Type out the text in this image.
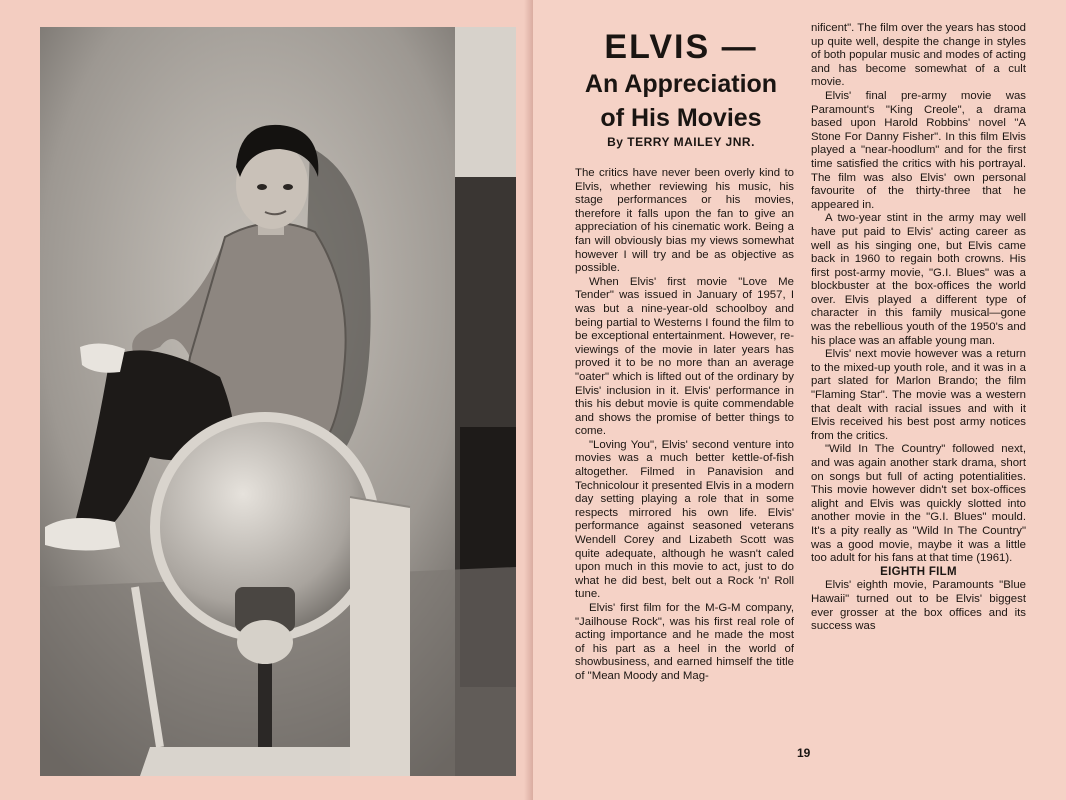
ELVIS —
An Appreciation
of His Movies
By TERRY MAILEY JNR.

The critics have never been overly kind to Elvis, whether reviewing his music, his stage performances or his movies, therefore it falls upon the fan to give an appreciation of his cinematic work. Being a fan will obviously bias my views somewhat however I will try and be as objective as possible.

When Elvis' first movie "Love Me Tender" was issued in January of 1957, I was but a nine-year-old schoolboy and being partial to Westerns I found the film to be exceptional entertainment. However, re-viewings of the movie in later years has proved it to be no more than an average "oater" which is lifted out of the ordinary by Elvis' inclusion in it. Elvis' performance in this his debut movie is quite commendable and shows the promise of better things to come.

"Loving You", Elvis' second venture into movies was a much better kettle-of-fish altogether. Filmed in Panavision and Technicolour it presented Elvis in a modern day setting playing a role that in some respects mirrored his own life. Elvis' performance against seasoned veterans Wendell Corey and Lizabeth Scott was quite adequate, although he wasn't caled upon much in this movie to act, just to do what he did best, belt out a Rock 'n' Roll tune.

Elvis' first film for the M-G-M company, "Jailhouse Rock", was his first real role of acting importance and he made the most of his part as a heel in the world of showbusiness, and earned himself the title of "Mean Moody and Mag-

nificent". The film over the years has stood up quite well, despite the change in styles of both popular music and modes of acting and has become somewhat of a cult movie.

Elvis' final pre-army movie was Paramount's "King Creole", a drama based upon Harold Robbins' novel "A Stone For Danny Fisher". In this film Elvis played a "near-hoodlum" and for the first time satisfied the critics with his portrayal. The film was also Elvis' own personal favourite of the thirty-three that he appeared in.

A two-year stint in the army may well have put paid to Elvis' acting career as well as his singing one, but Elvis came back in 1960 to regain both crowns. His first post-army movie, "G.I. Blues" was a blockbuster at the box-offices the world over. Elvis played a different type of character in this family musical—gone was the rebellious youth of the 1950's and his place was an affable young man.

Elvis' next movie however was a return to the mixed-up youth role, and it was in a part slated for Marlon Brando; the film "Flaming Star". The movie was a western that dealt with racial issues and with it Elvis received his best post army notices from the critics.

"Wild In The Country" followed next, and was again another stark drama, short on songs but full of acting potentialities. This movie however didn't set box-offices alight and Elvis was quickly slotted into another movie in the "G.I. Blues" mould. It's a pity really as "Wild In The Country" was a good movie, maybe it was a little too adult for his fans at that time (1961).

EIGHTH FILM

Elvis' eighth movie, Paramounts "Blue Hawaii" turned out to be Elvis' biggest ever grosser at the box offices and its success was

19
